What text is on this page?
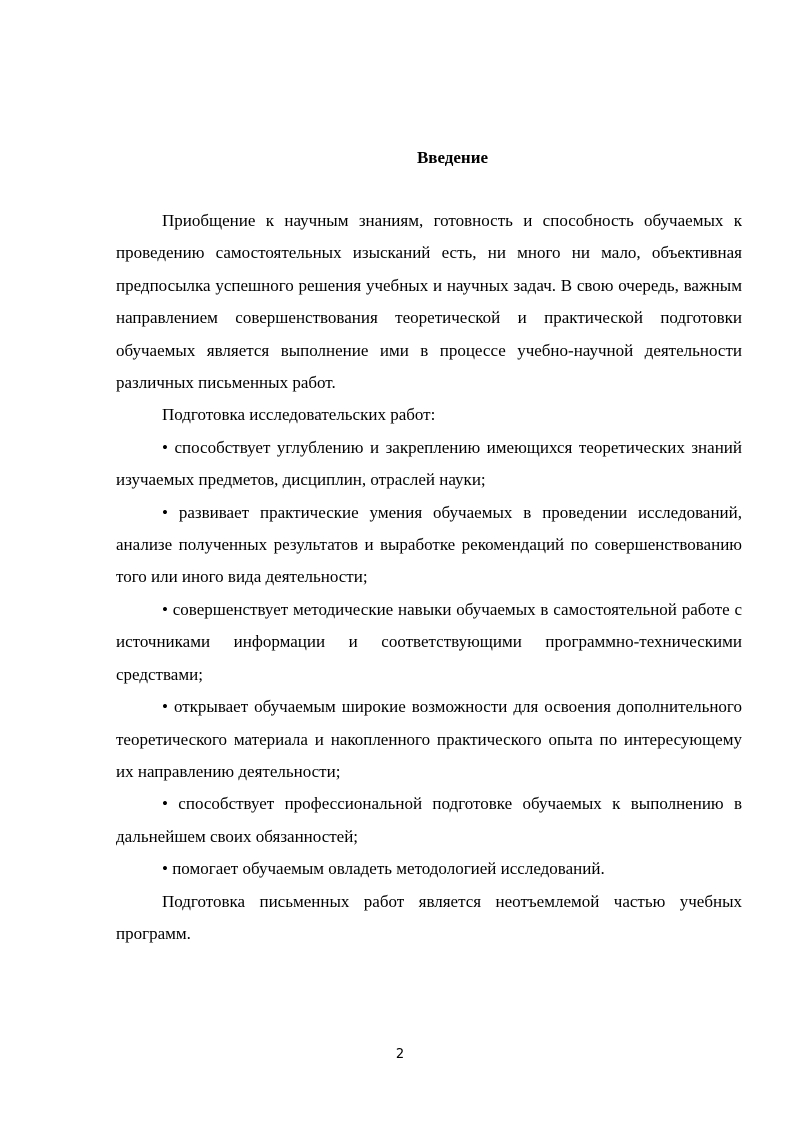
Введение

Приобщение к научным знаниям, готовность и способность обучаемых к проведению самостоятельных изысканий есть, ни много ни мало, объективная предпосылка успешного решения учебных и научных задач. В свою очередь, важным направлением совершенствования теоретической и практической подготовки обучаемых является выполнение ими в процессе учебно-научной деятельности различных письменных работ.

Подготовка исследовательских работ:

• способствует углублению и закреплению имеющихся теоретических знаний изучаемых предметов, дисциплин, отраслей науки;

• развивает практические умения обучаемых в проведении исследований, анализе полученных результатов и выработке рекомендаций по совершенствованию того или иного вида деятельности;

• совершенствует методические навыки обучаемых в самостоятельной работе с источниками информации и соответствующими программно-техническими средствами;

• открывает обучаемым широкие возможности для освоения дополнительного теоретического материала и накопленного практического опыта по интересующему их направлению деятельности;

• способствует профессиональной подготовке обучаемых к выполнению в дальнейшем своих обязанностей;

• помогает обучаемым овладеть методологией исследований.

Подготовка письменных работ является неотъемлемой частью учебных программ.

2
